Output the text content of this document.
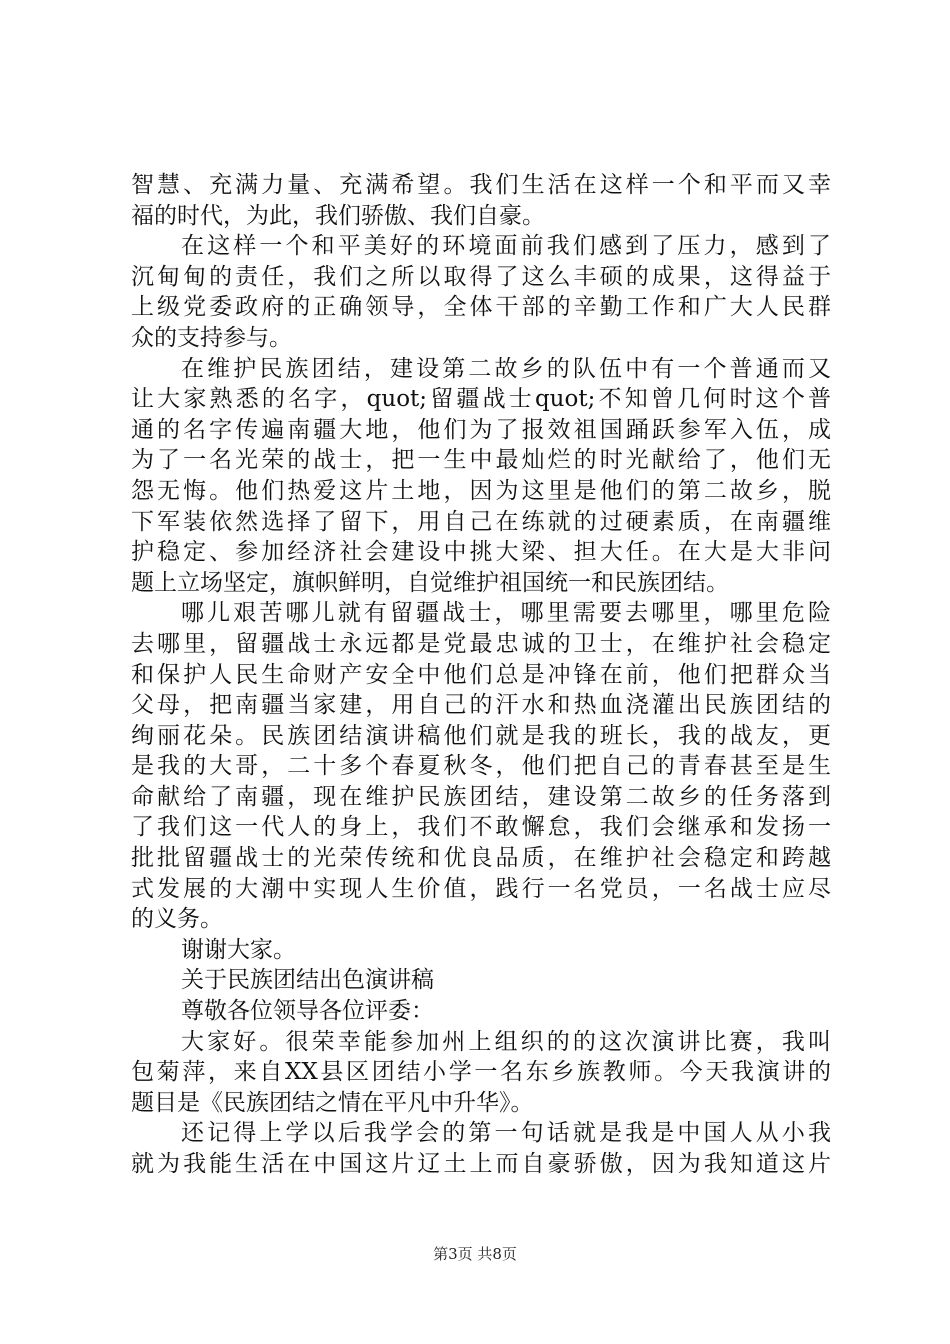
智慧、充满力量、充满希望。我们生活在这样一个和平而又幸
福的时代，为此，我们骄傲、我们自豪。
在这样一个和平美好的环境面前我们感到了压力，感到了
沉甸甸的责任，我们之所以取得了这么丰硕的成果，这得益于
上级党委政府的正确领导，全体干部的辛勤工作和广大人民群
众的支持参与。
在维护民族团结，建设第二故乡的队伍中有一个普通而又
让大家熟悉的名字，quot;留疆战士quot;不知曾几何时这个普
通的名字传遍南疆大地，他们为了报效祖国踊跃参军入伍，成
为了一名光荣的战士，把一生中最灿烂的时光献给了，他们无
怨无悔。他们热爱这片土地，因为这里是他们的第二故乡，脱
下军装依然选择了留下，用自己在练就的过硬素质，在南疆维
护稳定、参加经济社会建设中挑大梁、担大任。在大是大非问
题上立场坚定，旗帜鲜明，自觉维护祖国统一和民族团结。
哪儿艰苦哪儿就有留疆战士，哪里需要去哪里，哪里危险
去哪里，留疆战士永远都是党最忠诚的卫士，在维护社会稳定
和保护人民生命财产安全中他们总是冲锋在前，他们把群众当
父母，把南疆当家建，用自己的汗水和热血浇灌出民族团结的
绚丽花朵。民族团结演讲稿他们就是我的班长，我的战友，更
是我的大哥，二十多个春夏秋冬，他们把自己的青春甚至是生
命献给了南疆，现在维护民族团结，建设第二故乡的任务落到
了我们这一代人的身上，我们不敢懈怠，我们会继承和发扬一
批批留疆战士的光荣传统和优良品质，在维护社会稳定和跨越
式发展的大潮中实现人生价值，践行一名党员，一名战士应尽
的义务。
谢谢大家。
关于民族团结出色演讲稿
尊敬各位领导各位评委：
大家好。很荣幸能参加州上组织的的这次演讲比赛，我叫
包菊萍，来自XX县区团结小学一名东乡族教师。今天我演讲的
题目是《民族团结之情在平凡中升华》。
还记得上学以后我学会的第一句话就是我是中国人从小我
就为我能生活在中国这片辽土上而自豪骄傲，因为我知道这片
第3页 共8页
